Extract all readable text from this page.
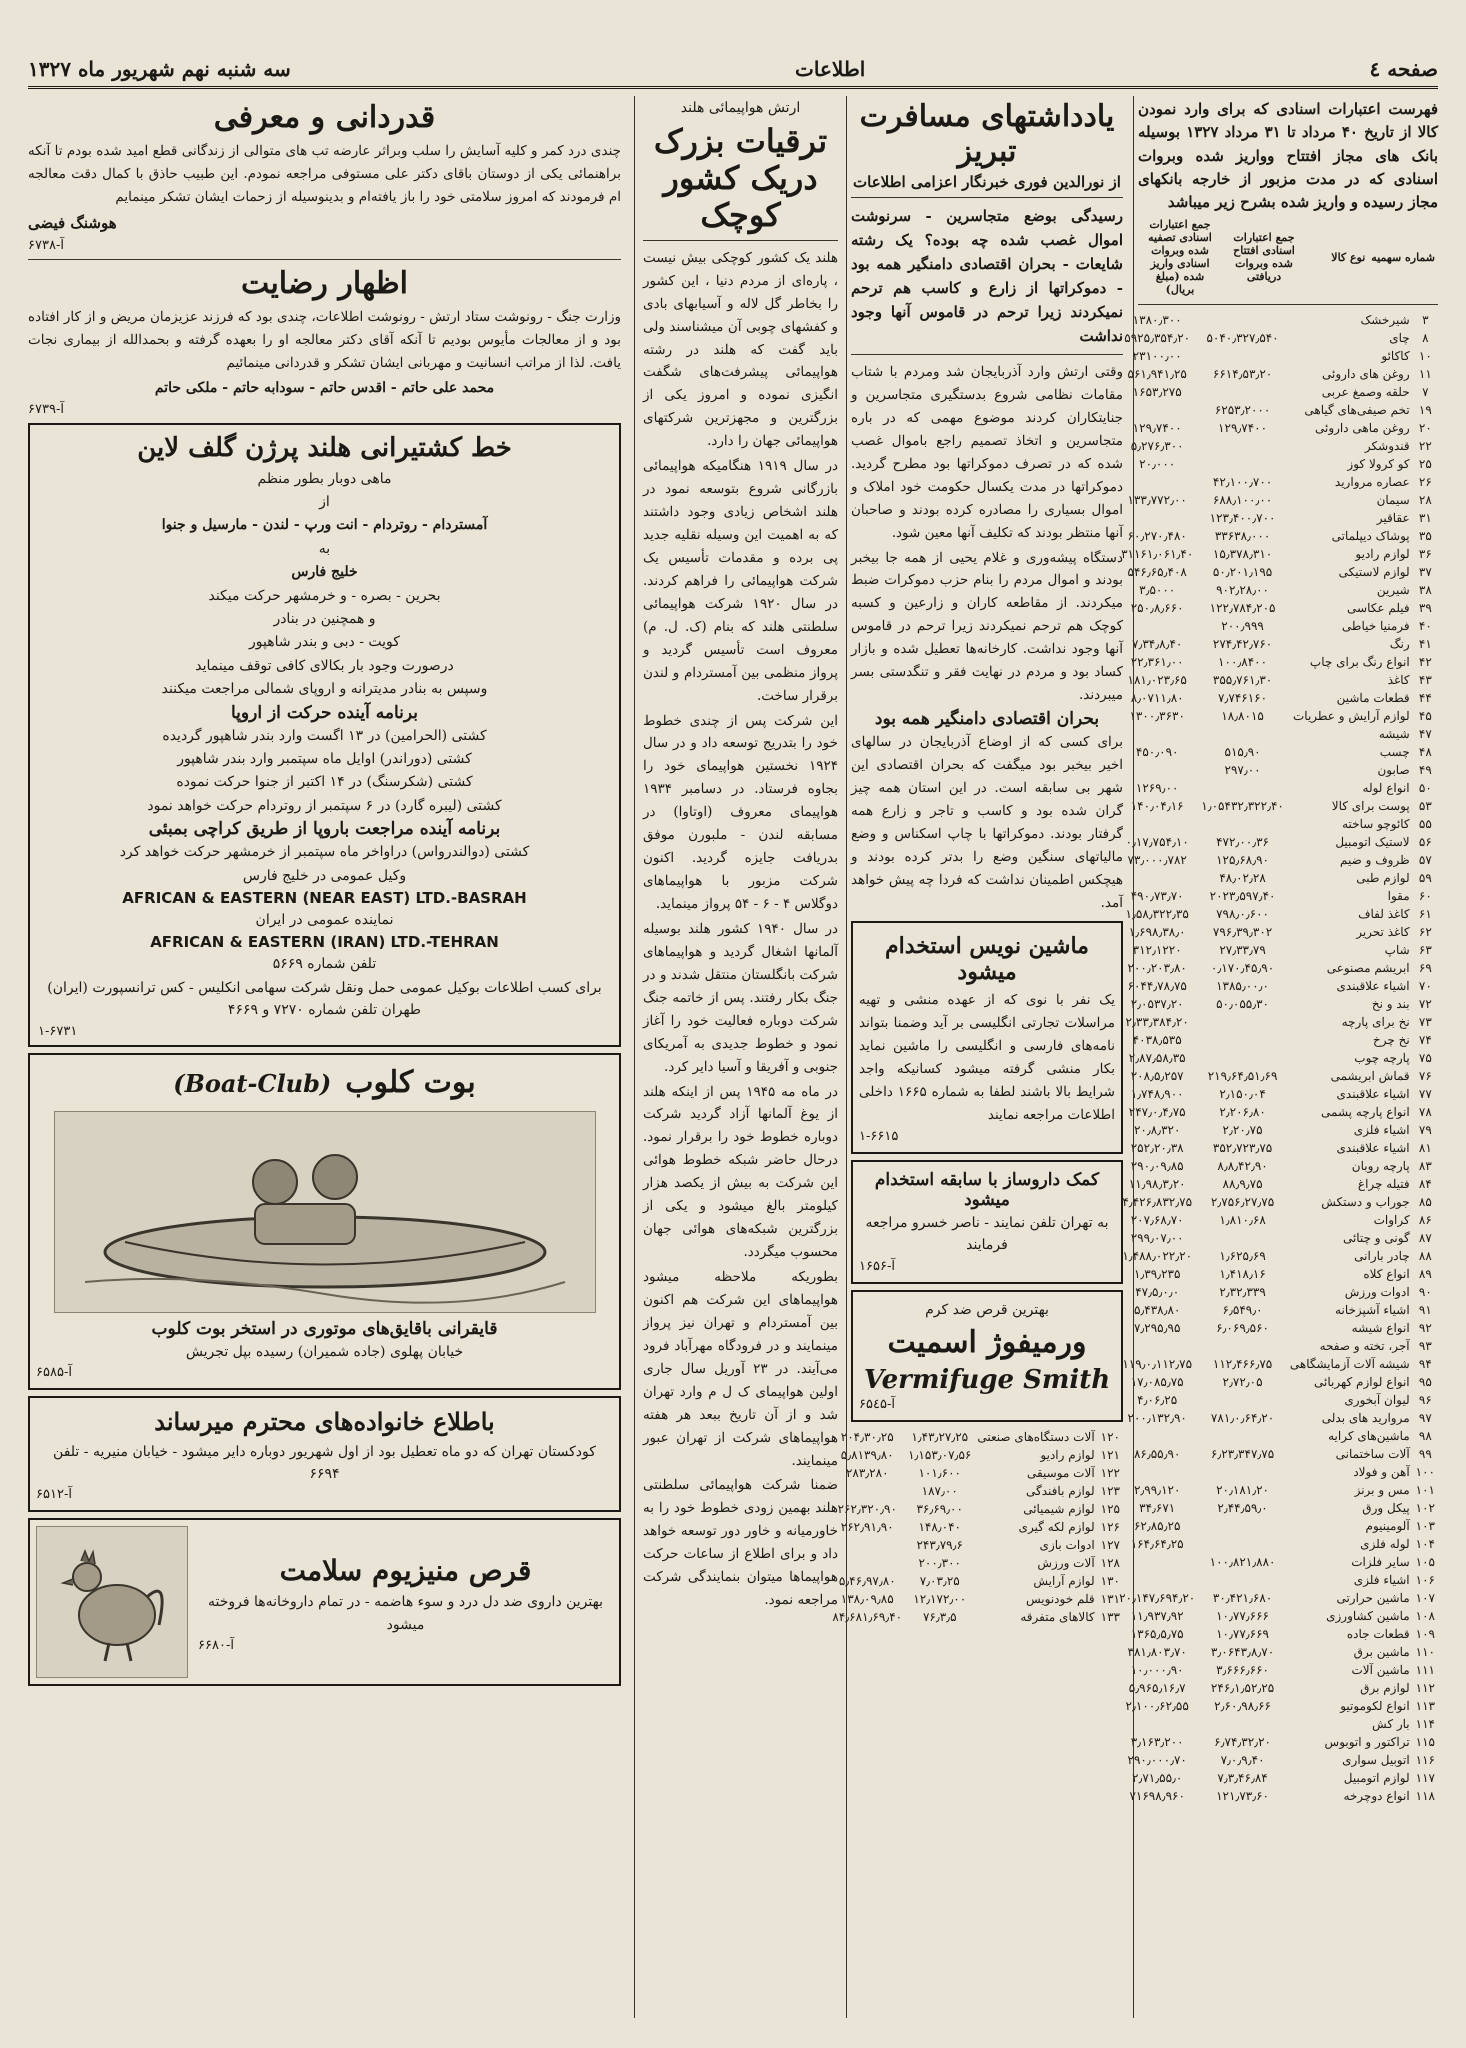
صفحه ٤
اطلاعات
سه شنبه نهم شهریور ماه ۱۳۲۷
فهرست اعتبارات اسنادی که برای وارد نمودن کالا از تاریخ ۴۰ مرداد تا ۳۱ مرداد ۱۳۲۷ بوسیله بانک های مجاز افتتاح وواریز شده وبروات اسنادی که در مدت مزبور از خارجه بانکهای مجاز رسیده و واریز شده بشرح زیر میباشد
شماره سهمیه	نوع کالا	جمع اعتبارات اسنادی افتتاح شده وبروات دریافتی	جمع اعتبارات اسنادی تصفیه شده وبروات اسنادی واریز شده (مبلغ بریال)
۳	شیرخشک		۱۳۸۰٫۳۰۰
۸	چای	۵۰۴۰٫۳۲۷٫۵۴۰	۵۹۲۵٫۳۵۴٫۲۰
۱۰	کاکائو		۲۳۱۰۰٫۰۰
۱۱	روغن های داروئی	۶۶۱۴٫۵۳٫۲۰	۵۶۱٫۹۴۱٫۲۵
۷	حلقه وصمغ عربی		۱۶۵۳٫۲۷۵
۱۹	تخم صیفی‌های گیاهی	۶۲۵۳٫۲۰۰۰	
۲۰	روغن ماهی داروئی	۱۲۹٫۷۴۰۰	۱۲۹٫۷۴۰۰
۲۲	قندوشکر		۵٫۲۷۶٫۳۰۰
۲۵	کو کرولا کوز		۲۰٫۰۰۰
۲۶	عصاره مروارید	۴۲٫۱۰۰٫۷۰۰	
۲۸	سیمان	۶۸۸٫۱۰۰٫۰۰	۱۳۳٫۷۷۲٫۰۰
۳۱	عقاقیر	۱۲۳٫۴۰۰٫۷۰۰	
۳۵	پوشاک دیپلماتی	۳۳۶۳۸٫۰۰۰	۶۰٫۲۷۰٫۴۸۰
۳۶	لوازم رادیو	۱۵٫۳۷۸٫۳۱۰	۳۱۱۶۱٫۰۶۱٫۴۰
۳۷	لوازم لاستیکی	۵۰٫۲۰۱٫۱۹۵	۵۴۶٫۶۵٫۴۰۸
۳۸	شیرین	۹۰۲٫۲۸٫۰۰	۳٫۵۰۰۰
۳۹	فیلم عکاسی	۱۲۲٫۷۸۴٫۲۰۵	۲۵۰٫۸٫۶۶۰
۴۰	فرمنیا خیاطی	۲۰۰٫۹۹۹	
۴۱	رنگ	۲۷۴٫۴۲٫۷۶۰	۷٫۳۴٫۸٫۴۰
۴۲	انواع رنگ برای چاپ	۱۰۰٫۸۴۰۰	۲۲٫۳۶۱٫۰۰
۴۳	کاغذ	۳۵۵٫۷۶۱٫۳۰	۱۸۱٫۰۲۳٫۶۵
۴۴	قطعات ماشین	۷٫۷۴۶۱۶۰	۸٫۰۷۱۱٫۸۰
۴۵	لوازم آرایش و عطریات	۱۸٫۸۰۱۵	۱۳۰۰٫۳۶۳۰
۴۷	شیشه		
۴۸	چسب	۵۱۵٫۹۰	۴۵۰٫۰۹۰
۴۹	صابون	۲۹۷٫۰۰	
۵۰	انواع لوله		۱۲۶۹٫۰۰
۵۳	پوست برای کالا	۱٫۰۵۴۳۲٫۳۲۲٫۴۰	۱۴۰٫۰۴٫۱۶
۵۵	کائوچو ساخته		
۵۶	لاستیک اتومبیل	۴۷۲٫۰۰٫۳۶	۰٫۱۷٫۷۵۴٫۱۰
۵۷	ظروف و ضیم	۱۲۵٫۶۸٫۹۰	۷۳٫۰۰۰٫۷۸۲
۵۹	لوازم طبی	۴۸٫۰۲٫۲۸	
۶۰	مقوا	۲۰۲۳٫۵۹۷٫۴۰	۴۹۰٫۷۳٫۷۰
۶۱	کاغذ لفاف	۷۹۸٫۰٫۶۰۰	۱٫۵۸٫۳۲۲٫۳۵
۶۲	کاغذ تحریر	۷۹۶٫۳۹٫۳۰۲	۱٫۶۹۸٫۳۸٫۰
۶۳	شاپ	۲۷٫۳۳٫۷۹	۳۱۲٫۱۲۲۰
۶۹	ابریشم مصنوعی	۰٫۱۷۰٫۴۵٫۹۰	۲۰۰٫۲۰۳٫۸۰
۷۰	اشیاء علاقبندی	۱۳۸۵٫۰۰٫۰	۶۰۴۴٫۷۸٫۷۵
۷۲	بند و نخ	۵۰٫۰۵۵٫۳۰	۲٫۰۵۳۷٫۲۰
۷۳	نخ برای پارچه		۲٫۳۳٫۳۸۴٫۲۰
۷۴	نخ چرخ		۴۰۳۸٫۵۳۵
۷۵	پارچه چوب		۲٫۸۷٫۵۸٫۳۵
۷۶	قماش ابریشمی	۲۱۹٫۶۴٫۵۱٫۶۹	۲۰۸٫۵٫۲۵۷
۷۷	اشیاء علاقبندی	۲٫۱۵۰٫۰۴	۱٫۷۴۸٫۹۰۰
۷۸	انواع پارچه پشمی	۲٫۲۰۶٫۸۰	۲۴۷٫۰٫۴٫۷۵
۷۹	اشیاء فلزی	۲٫۲۰٫۷۵	۲۰٫۸٫۳۲۰
۸۱	اشیاء علاقبندی	۳۵۲٫۷۲۳٫۷۵	۲۵۲٫۲۰٫۳۸
۸۳	پارچه روبان	۸٫۸٫۴۲٫۹۰	۲۹۰٫۰۹٫۸۵
۸۴	فتیله چراغ	۸۸٫۹٫۷۵	۱۱٫۹۸٫۳٫۲۰
۸۵	جوراب و دستکش	۲٫۷۵۶٫۲۷٫۷۵	۴٫۴۲۶٫۸۳۲٫۷۵
۸۶	کراوات	۱٫۸۱۰٫۶۸	۲۰۷٫۶۸٫۷۰
۸۷	گونی و چتائی		۲۹۹٫۰۷٫۰۰
۸۸	چادر بارانی	۱٫۶۲۵٫۶۹	۱٫۴۸۸٫۰۲۲٫۲۰
۸۹	انواع کلاه	۱٫۴۱۸٫۱۶	۱٫۳۹٫۲۳۵
۹۰	ادوات ورزش	۲٫۳۲٫۳۳۹	۴۷٫۵٫۰٫۰
۹۱	اشیاء آشپزخانه	۶٫۵۴۹٫۰	۵٫۴۳۸٫۸۰
۹۲	انواع شیشه	۶٫۰۶۹٫۵۶۰	۷٫۲۹۵٫۹۵
۹۳	آجر، تخته و صفحه		
۹۴	شیشه آلات آزمایشگاهی	۱۱۲٫۴۶۶٫۷۵	۱۱۹٫۰٫۱۱۲٫۷۵
۹۵	انواع لوازم کهربائی	۲٫۷۲٫۰۵	۱۷٫۰۸۵٫۷۵
۹۶	لیوان آبخوری		۴٫۰۶٫۲۵
۹۷	مروارید های بدلی	۷۸۱٫۰٫۶۴٫۲۰	۲۰۰٫۱۳۲٫۹۰
۹۸	ماشین‌های کرایه		
۹۹	آلات ساختمانی	۶٫۲۳٫۳۴۷٫۷۵	۸۶٫۵۵٫۹۰
۱۰۰	آهن و فولاد		
۱۰۱	مس و برنز	۲۰٫۱۸۱٫۲۰	۲٫۹۹٫۱۲۰
۱۰۲	پیکل ورق	۲٫۴۴٫۵۹٫۰	۳۴٫۶۷۱
۱۰۳	آلومینیوم		۶۲٫۸۵٫۲۵
۱۰۴	لوله فلزی		۱۶۴٫۶۴٫۲۵
۱۰۵	سایر فلزات	۱۰۰٫۸۲۱٫۸۸۰	
۱۰۶	اشیاء فلزی		
۱۰۷	ماشین حرارتی	۳۰٫۴۲۱٫۶۸۰	۲۰٫۱۴۷٫۶۹۴٫۲۰
۱۰۸	ماشین کشاورزی	۱۰٫۷۷٫۶۶۶	۱۱٫۹۳۷٫۹۲
۱۰۹	قطعات جاده	۱۰٫۷۷٫۶۶۹	۱۳۶۵٫۵٫۷۵
۱۱۰	ماشین برق	۳٫۰۶۴۳٫۸٫۷۰	۳۸۱٫۸۰۳٫۷۰
۱۱۱	ماشین آلات	۳٫۶۶۶٫۶۶۰	۱۰٫۰۰۰٫۹۰
۱۱۲	لوازم برق	۲۴۶٫۱٫۵۲٫۲۵	۵٫۹۶۵٫۱۶٫۷
۱۱۳	انواع لکوموتیو	۲٫۶۰٫۹۸٫۶۶	۲٫۱۰۰٫۶۲٫۵۵
۱۱۴	بار کش		
۱۱۵	تراکتور و اتوبوس	۶٫۷۴٫۳۲٫۲۰	۳٫۱۶۳٫۲۰۰
۱۱۶	اتوبیل سواری	۷٫۰٫۹٫۴۰	۲۹۰٫۰۰۰٫۷۰
۱۱۷	لوازم اتومبیل	۷٫۳٫۴۶٫۸۴	۲٫۷۱٫۵۵٫۰
۱۱۸	انواع دوچرخه	۱۲۱٫۷۳٫۶۰	۷۱۶۹۸٫۹۶۰
یادداشتهای مسافرت تبریز
از نورالدین فوری خبرنگار اعزامی اطلاعات
رسیدگی بوضع متجاسرین - سرنوشت اموال غصب شده چه بوده؟ یک رشته شایعات - بحران اقتصادی دامنگیر همه بود - دموکراتها از زارع و کاسب هم ترحم نمیکردند زیرا ترحم در قاموس آنها وجود نداشت
وقتی ارتش وارد آذربایجان شد ومردم با شتاب مقامات نظامی شروع بدستگیری متجاسرین و جنایتکاران کردند موضوع مهمی که در باره متجاسرین و اتخاذ تصمیم راجع باموال غصب شده که در تصرف دموکراتها بود مطرح گردید. دموکراتها در مدت یکسال حکومت خود املاک و اموال بسیاری را مصادره کرده بودند و صاحبان آنها منتظر بودند که تکلیف آنها معین شود.
دستگاه پیشه‌وری و غلام یحیی از همه جا بیخبر بودند و اموال مردم را بنام حزب دموکرات ضبط میکردند. از مقاطعه کاران و زارعین و کسبه کوچک هم ترحم نمیکردند زیرا ترحم در قاموس آنها وجود نداشت. کارخانه‌ها تعطیل شده و بازار کساد بود و مردم در نهایت فقر و تنگدستی بسر میبردند.
بحران اقتصادی دامنگیر همه بود
برای کسی که از اوضاع آذربایجان در سالهای اخیر بیخبر بود میگفت که بحران اقتصادی این شهر بی سابقه است. در این استان همه چیز گران شده بود و کاسب و تاجر و زارع همه گرفتار بودند. دموکراتها با چاپ اسکناس و وضع مالیاتهای سنگین وضع را بدتر کرده بودند و هیچکس اطمینان نداشت که فردا چه پیش خواهد آمد.
ماشین نویس استخدام میشود
یک نفر با نوی که از عهده منشی و تهیه مراسلات تجارتی انگلیسی بر آید وضمنا بتواند نامه‌های فارسی و انگلیسی را ماشین نماید بکار منشی گرفته میشود کسانیکه واجد شرایط بالا باشند لطفا به شماره ۱۶۶۵ داخلی اطلاعات مراجعه نمایند
۱-۶۶۱۵
کمک داروساز با سابقه استخدام میشود
به تهران تلفن نمایند - ناصر خسرو مراجعه فرمایند
آ-۱۶۵۶
بهترین قرص ضد کرم
ورمیفوژ اسمیت
Vermifuge Smith
آ-۶۵٤۵
۱۲۰	آلات دستگاه‌های صنعتی	۱٫۴۳٫۲۷٫۲۵	۲۰۴٫۳۰٫۲۵
۱۲۱	لوازم رادیو	۱٫۱۵۳٫۰۷٫۵۶	۵٫۸۱۳۹٫۸۰
۱۲۲	آلات موسیقی	۱۰۱٫۶۰۰	۲۸۳٫۲۸۰
۱۲۳	لوازم بافندگی	۱۸۷٫۰۰	
۱۲۵	لوازم شیمیائی	۳۶٫۶۹٫۰۰	۲۶۲٫۳۲۰٫۹۰
۱۲۶	لوازم لکه گیری	۱۴۸٫۰۴۰	۲۶۲٫۹۱٫۹۰
۱۲۷	ادوات بازی	۲۴۳٫۷۹٫۶	
۱۲۸	آلات ورزش	۲۰۰٫۳۰۰	
۱۳۰	لوازم آرایش	۷٫۰۳٫۲۵	۵٫۴۶٫۹۷٫۸۰
۱۳۱	قلم خودنویس	۱۲٫۱۷۲٫۰۰	۱۳۸٫۰۹٫۸۵
۱۳۳	کالاهای متفرقه	۷۶٫۳٫۵	۸۴٫۶۸۱٫۶۹٫۴۰
ارتش هواپیمائی هلند
ترقیات بزرک دریک کشور کوچک
هلند یک کشور کوچکی بیش نیست ، پاره‌ای از مردم دنیا ، این کشور را بخاطر گل لاله و آسیابهای بادی و کفشهای چوبی آن میشناسند ولی باید گفت که هلند در رشته هواپیمائی پیشرفت‌های شگفت انگیزی نموده و امروز یکی از بزرگترین و مجهزترین شرکتهای هواپیمائی جهان را دارد.
در سال ۱۹۱۹ هنگامیکه هواپیمائی بازرگانی شروع بتوسعه نمود در هلند اشخاص زیادی وجود داشتند که به اهمیت این وسیله نقلیه جدید پی برده و مقدمات تأسیس یک شرکت هواپیمائی را فراهم کردند. در سال ۱۹۲۰ شرکت هواپیمائی سلطنتی هلند که بنام (ک. ل. م) معروف است تأسیس گردید و پرواز منظمی بین آمستردام و لندن برقرار ساخت.
این شرکت پس از چندی خطوط خود را بتدریج توسعه داد و در سال ۱۹۲۴ نخستین هواپیمای خود را بجاوه فرستاد. در دسامبر ۱۹۳۴ هواپیمای معروف (اوتاوا) در مسابقه لندن - ملبورن موفق بدریافت جایزه گردید. اکنون شرکت مزبور با هواپیماهای دوگلاس ۴ - ۶ - ۵۴ پرواز مینماید.
در سال ۱۹۴۰ کشور هلند بوسیله آلمانها اشغال گردید و هواپیماهای شرکت بانگلستان منتقل شدند و در جنگ بکار رفتند. پس از خاتمه جنگ شرکت دوباره فعالیت خود را آغاز نمود و خطوط جدیدی به آمریکای جنوبی و آفریقا و آسیا دایر کرد.
در ماه مه ۱۹۴۵ پس از اینکه هلند از یوغ آلمانها آزاد گردید شرکت دوباره خطوط خود را برقرار نمود. درحال حاضر شبکه خطوط هوائی این شرکت به بیش از یکصد هزار کیلومتر بالغ میشود و یکی از بزرگترین شبکه‌های هوائی جهان محسوب میگردد.
بطوریکه ملاحظه میشود هواپیماهای این شرکت هم اکنون بین آمستردام و تهران نیز پرواز مینمایند و در فرودگاه مهرآباد فرود می‌آیند. در ۲۳ آوریل سال جاری اولین هواپیمای ک ل م وارد تهران شد و از آن تاریخ ببعد هر هفته هواپیماهای شرکت از تهران عبور مینمایند.
ضمنا شرکت هواپیمائی سلطنتی هلند بهمین زودی خطوط خود را به خاورمیانه و خاور دور توسعه خواهد داد و برای اطلاع از ساعات حرکت هواپیماها میتوان بنمایندگی شرکت مراجعه نمود.
قدردانی و معرفی
چندی درد کمر و کلیه آسایش را سلب وبراثر عارضه تب های متوالی از زندگانی قطع امید شده بودم تا آنکه براهنمائی یکی از دوستان باقای دکتر علی مستوفی مراجعه نمودم. این طبیب حاذق با کمال دقت معالجه ام فرمودند که امروز سلامتی خود را باز یافته‌ام و بدینوسیله از زحمات ایشان تشکر مینمایم
هوشنگ فیضی
آ-۶۷۳۸
اظهار رضایت
وزارت جنگ - رونوشت ستاد ارتش - رونوشت اطلاعات، چندی بود که فرزند عزیزمان مریض و از کار افتاده بود و از معالجات مأیوس بودیم تا آنکه آقای دکتر معالجه او را بعهده گرفته و بحمدالله از بیماری نجات یافت. لذا از مراتب انسانیت و مهربانی ایشان تشکر و قدردانی مینمائیم
محمد علی حاتم - اقدس حاتم - سودابه حاتم - ملکی حاتم
آ-۶۷۳۹
خط کشتیرانی هلند پرژن گلف لاین
ماهی دوبار بطور منظم
از
آمستردام - روتردام - انت ورپ - لندن - مارسیل و جنوا
به
خلیج فارس
بحرین - بصره - و خرمشهر حرکت میکند
و همچنین در بنادر
کویت - دبی و بندر شاهپور
درصورت وجود بار بکالای کافی توقف مینماید
وسپس به بنادر مدیترانه و اروپای شمالی مراجعت میکنند
برنامه آینده حرکت از اروپا
کشتی (الحرامین) در ۱۳ اگست وارد بندر شاهپور گردیده
کشتی (دوراندر) اوایل ماه سپتمبر وارد بندر شاهپور
کشتی (شکرسنگ) در ۱۴ اکتبر از جنوا حرکت نموده
کشتی (لیبره گارد) در ۶ سپتمبر از روتردام حرکت خواهد نمود
برنامه آینده مراجعت باروپا از طریق کراچی بمبئی
کشتی (دوالندرواس) دراواخر ماه سپتمبر از خرمشهر حرکت خواهد کرد
وکیل عمومی در خلیج فارس
AFRICAN & EASTERN (NEAR EAST) LTD.-BASRAH
نماینده عمومی در ایران
AFRICAN & EASTERN (IRAN) LTD.-TEHRAN
تلفن شماره ۵۶۶۹
برای کسب اطلاعات بوکیل عمومی حمل ونقل شرکت سهامی انکلیس - کس ترانسپورت (ایران) طهران تلفن شماره ۷۲۷۰ و ۴۶۶۹
۱-۶۷۳۱
بوت کلوب
(Boat-Club)
قایقرانی باقایق‌های موتوری در استخر بوت کلوب
خیابان پهلوی (جاده شمیران) رسیده بپل تجریش
آ-۶۵۸۵
باطلاع خانواده‌های محترم میرساند
کودکستان تهران که دو ماه تعطیل بود از اول شهریور دوباره دایر میشود - خیابان منیریه - تلفن ۶۶۹۴
آ-۶۵۱۲
قرص منیزیوم سلامت
بهترین داروی ضد دل درد و سوء هاضمه - در تمام داروخانه‌ها فروخته میشود
آ-۶۶۸۰
